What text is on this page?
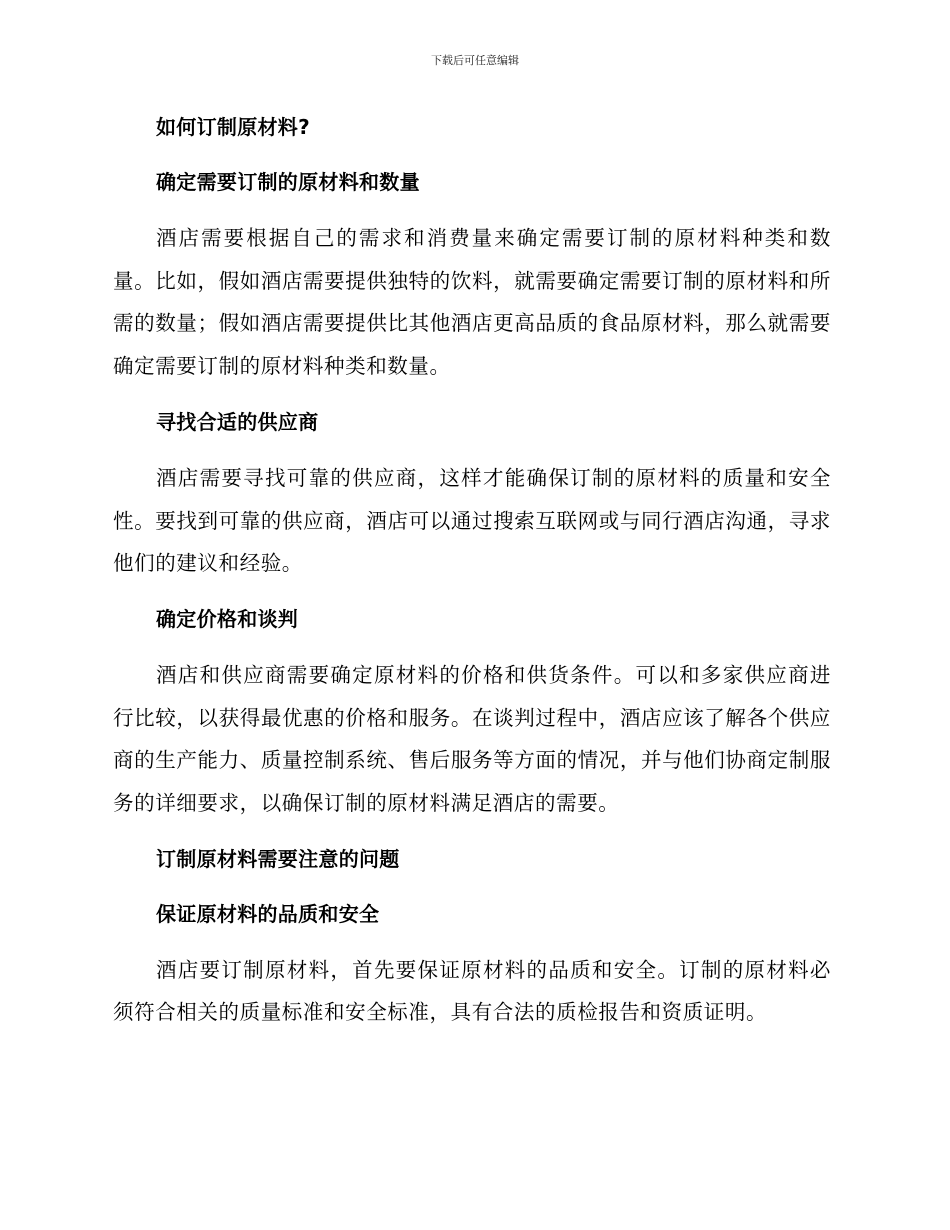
下载后可任意编辑
如何订制原材料?
确定需要订制的原材料和数量

酒店需要根据自己的需求和消费量来确定需要订制的原材料种类和数量。比如，假如酒店需要提供独特的饮料，就需要确定需要订制的原材料和所需的数量；假如酒店需要提供比其他酒店更高品质的食品原材料，那么就需要确定需要订制的原材料种类和数量。

寻找合适的供应商

酒店需要寻找可靠的供应商，这样才能确保订制的原材料的质量和安全性。要找到可靠的供应商，酒店可以通过搜索互联网或与同行酒店沟通，寻求他们的建议和经验。

确定价格和谈判

酒店和供应商需要确定原材料的价格和供货条件。可以和多家供应商进行比较，以获得最优惠的价格和服务。在谈判过程中，酒店应该了解各个供应商的生产能力、质量控制系统、售后服务等方面的情况，并与他们协商定制服务的详细要求，以确保订制的原材料满足酒店的需要。

订制原材料需要注意的问题
保证原材料的品质和安全

酒店要订制原材料，首先要保证原材料的品质和安全。订制的原材料必须符合相关的质量标准和安全标准，具有合法的质检报告和资质证明。
